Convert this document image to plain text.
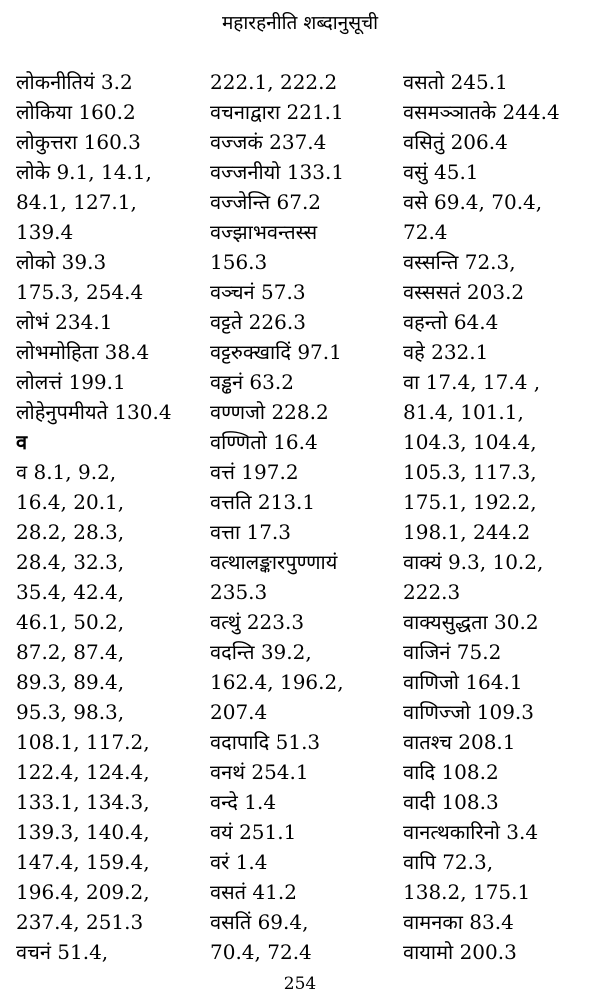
महारहनीति शब्दानुसूची
लोकनीतियं 3.2
लोकिया 160.2
लोकुत्तरा 160.3
लोके 9.1, 14.1,
84.1, 127.1,
139.4
लोको 39.3
175.3, 254.4
लोभं 234.1
लोभमोहिता 38.4
लोलत्तं 199.1
लोहेनुपमीयते 130.4
व
व 8.1, 9.2,
16.4, 20.1,
28.2, 28.3,
28.4, 32.3,
35.4, 42.4,
46.1, 50.2,
87.2, 87.4,
89.3, 89.4,
95.3, 98.3,
108.1, 117.2,
122.4, 124.4,
133.1, 134.3,
139.3, 140.4,
147.4, 159.4,
196.4, 209.2,
237.4, 251.3
वचनं 51.4,
222.1, 222.2
वचनाद्वारा 221.1
वज्जकं 237.4
वज्जनीयो 133.1
वज्जेन्ति 67.2
वज्झाभवन्तस्स
156.3
वञ्चनं 57.3
वट्टते 226.3
वट्टरुक्खादिं 97.1
वड्ढनं 63.2
वण्णजो 228.2
वण्णितो 16.4
वत्तं 197.2
वत्तति 213.1
वत्ता 17.3
वत्थालङ्कारपुण्णायं
235.3
वत्थुं 223.3
वदन्ति 39.2,
162.4, 196.2,
207.4
वदापादि 51.3
वनथं 254.1
वन्दे 1.4
वयं 251.1
वरं 1.4
वसतं 41.2
वसतिं 69.4,
70.4, 72.4
वसतो 245.1
वसमञ्ञातके 244.4
वसितुं 206.4
वसुं 45.1
वसे 69.4, 70.4,
72.4
वस्सन्ति 72.3,
वस्ससतं 203.2
वहन्तो 64.4
वहे 232.1
वा 17.4, 17.4 ,
81.4, 101.1,
104.3, 104.4,
105.3, 117.3,
175.1, 192.2,
198.1, 244.2
वाक्यं 9.3, 10.2,
222.3
वाक्यसुद्धता 30.2
वाजिनं 75.2
वाणिजो 164.1
वाणिज्जो 109.3
वातश्च 208.1
वादि 108.2
वादी 108.3
वानत्थकारिनो 3.4
वापि 72.3,
138.2, 175.1
वामनका 83.4
वायामो 200.3
254
